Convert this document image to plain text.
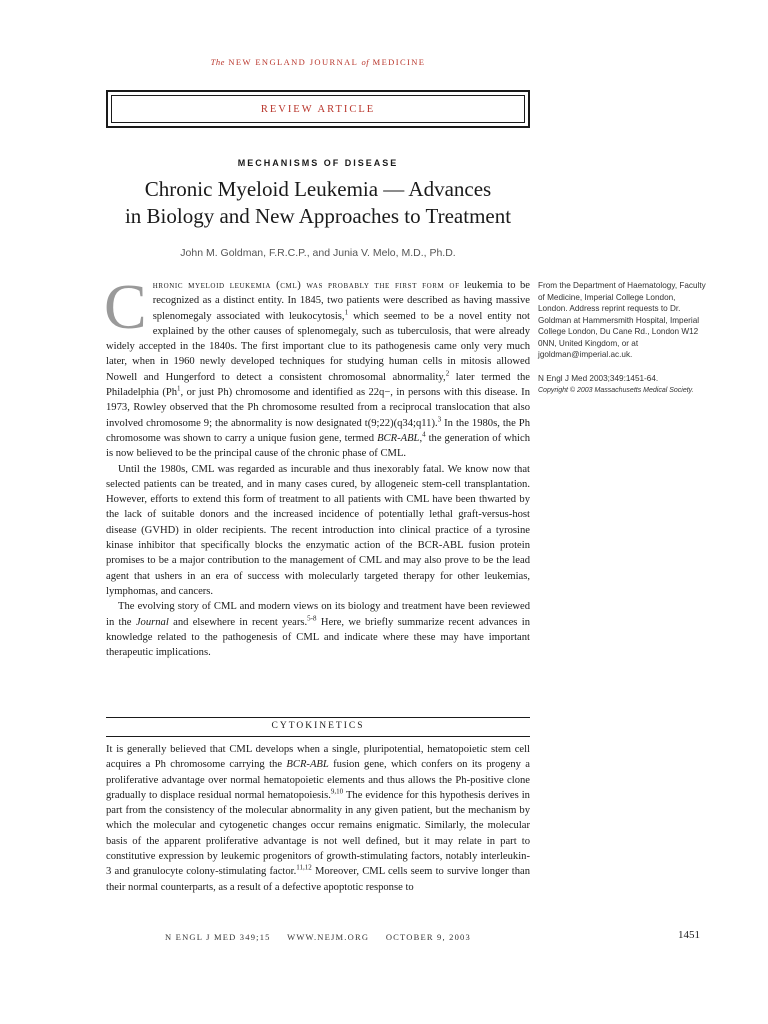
The NEW ENGLAND JOURNAL of MEDICINE
REVIEW ARTICLE
MECHANISMS OF DISEASE
Chronic Myeloid Leukemia — Advances
in Biology and New Approaches to Treatment
John M. Goldman, F.R.C.P., and Junia V. Melo, M.D., Ph.D.

Chronic myeloid leukemia (cml) was probably the first form of leukemia to be recognized as a distinct entity. In 1845, two patients were described as having massive splenomegaly associated with leukocytosis,$^1$ which seemed to be a novel entity not explained by the other causes of splenomegaly, such as tuberculosis, that were already widely accepted in the 1840s. The first important clue to its pathogenesis came only very much later, when in 1960 newly developed techniques for studying human cells in mitosis allowed Nowell and Hungerford to detect a consistent chromosomal abnormality,$^2$ later termed the Philadelphia (Ph$^1$, or just Ph) chromosome and identified as 22q−, in persons with this disease. In 1973, Rowley observed that the Ph chromosome resulted from a reciprocal translocation that also involved chromosome 9; the abnormality is now designated t(9;22)(q34;q11).$^3$ In the 1980s, the Ph chromosome was shown to carry a unique fusion gene, termed BCR-ABL,$^4$ the generation of which is now believed to be the principal cause of the chronic phase of CML.

Until the 1980s, CML was regarded as incurable and thus inexorably fatal. We know now that selected patients can be treated, and in many cases cured, by allogeneic stem-cell transplantation. However, efforts to extend this form of treatment to all patients with CML have been thwarted by the lack of suitable donors and the increased incidence of potentially lethal graft-versus-host disease (GVHD) in older recipients. The recent introduction into clinical practice of a tyrosine kinase inhibitor that specifically blocks the enzymatic action of the BCR-ABL fusion protein promises to be a major contribution to the management of CML and may also prove to be the lead agent that ushers in an era of success with molecularly targeted therapy for other leukemias, lymphomas, and cancers.

The evolving story of CML and modern views on its biology and treatment have been reviewed in the Journal and elsewhere in recent years.$^{5-8}$ Here, we briefly summarize recent advances in knowledge related to the pathogenesis of CML and indicate where these may have important therapeutic implications.

CYTOKINETICS

It is generally believed that CML develops when a single, pluripotential, hematopoietic stem cell acquires a Ph chromosome carrying the BCR-ABL fusion gene, which confers on its progeny a proliferative advantage over normal hematopoietic elements and thus allows the Ph-positive clone gradually to displace residual normal hematopoiesis.$^{9,10}$ The evidence for this hypothesis derives in part from the consistency of the molecular abnormality in any given patient, but the mechanism by which the molecular and cytogenetic changes occur remains enigmatic. Similarly, the molecular basis of the apparent proliferative advantage is not well defined, but it may relate in part to constitutive expression by leukemic progenitors of growth-stimulating factors, notably interleukin-3 and granulocyte colony-stimulating factor.$^{11,12}$ Moreover, CML cells seem to survive longer than their normal counterparts, as a result of a defective apoptotic response to

From the Department of Haematology, Faculty of Medicine, Imperial College London, London. Address reprint requests to Dr. Goldman at Hammersmith Hospital, Imperial College London, Du Cane Rd., London W12 0NN, United Kingdom, or at jgoldman@imperial.ac.uk.

N Engl J Med 2003;349:1451-64.

Copyright © 2003 Massachusetts Medical Society.

N ENGL J MED 349;15 WWW.NEJM.ORG OCTOBER 9, 2003	1451
